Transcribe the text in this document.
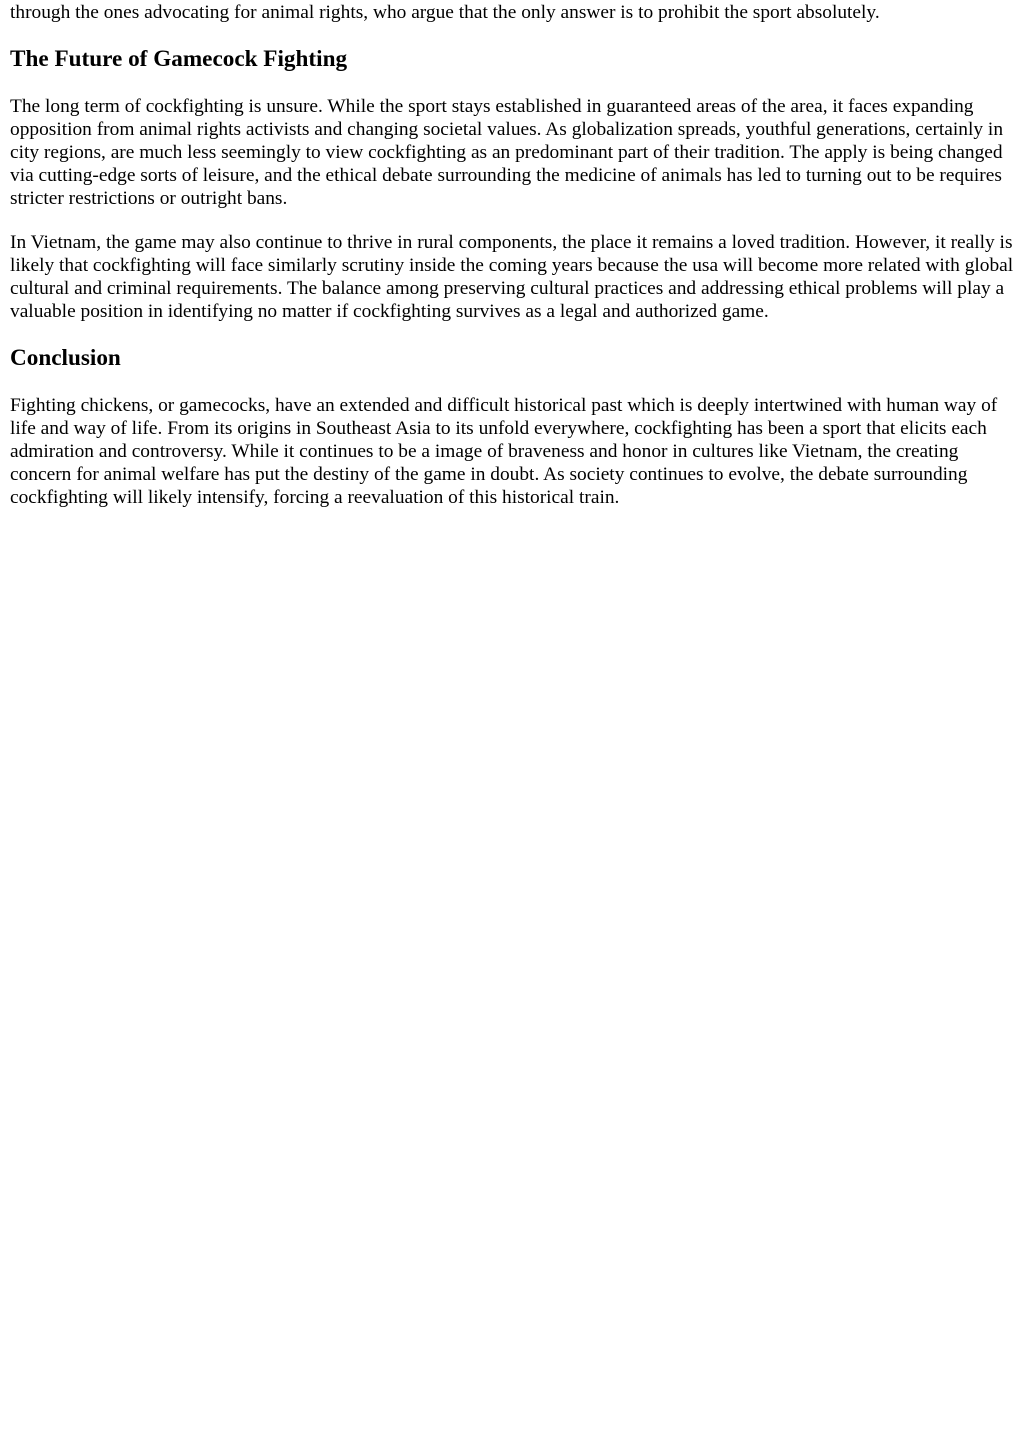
through the ones advocating for animal rights, who argue that the only answer is to prohibit the sport absolutely.

The Future of Gamecock Fighting

The long term of cockfighting is unsure. While the sport stays established in guaranteed areas of the area, it faces expanding opposition from animal rights activists and changing societal values. As globalization spreads, youthful generations, certainly in city regions, are much less seemingly to view cockfighting as an predominant part of their tradition. The apply is being changed via cutting-edge sorts of leisure, and the ethical debate surrounding the medicine of animals has led to turning out to be requires stricter restrictions or outright bans.

In Vietnam, the game may also continue to thrive in rural components, the place it remains a loved tradition. However, it really is likely that cockfighting will face similarly scrutiny inside the coming years because the usa will become more related with global cultural and criminal requirements. The balance among preserving cultural practices and addressing ethical problems will play a valuable position in identifying no matter if cockfighting survives as a legal and authorized game.

Conclusion

Fighting chickens, or gamecocks, have an extended and difficult historical past which is deeply intertwined with human way of life and way of life. From its origins in Southeast Asia to its unfold everywhere, cockfighting has been a sport that elicits each admiration and controversy. While it continues to be a image of braveness and honor in cultures like Vietnam, the creating concern for animal welfare has put the destiny of the game in doubt. As society continues to evolve, the debate surrounding cockfighting will likely intensify, forcing a reevaluation of this historical train.
